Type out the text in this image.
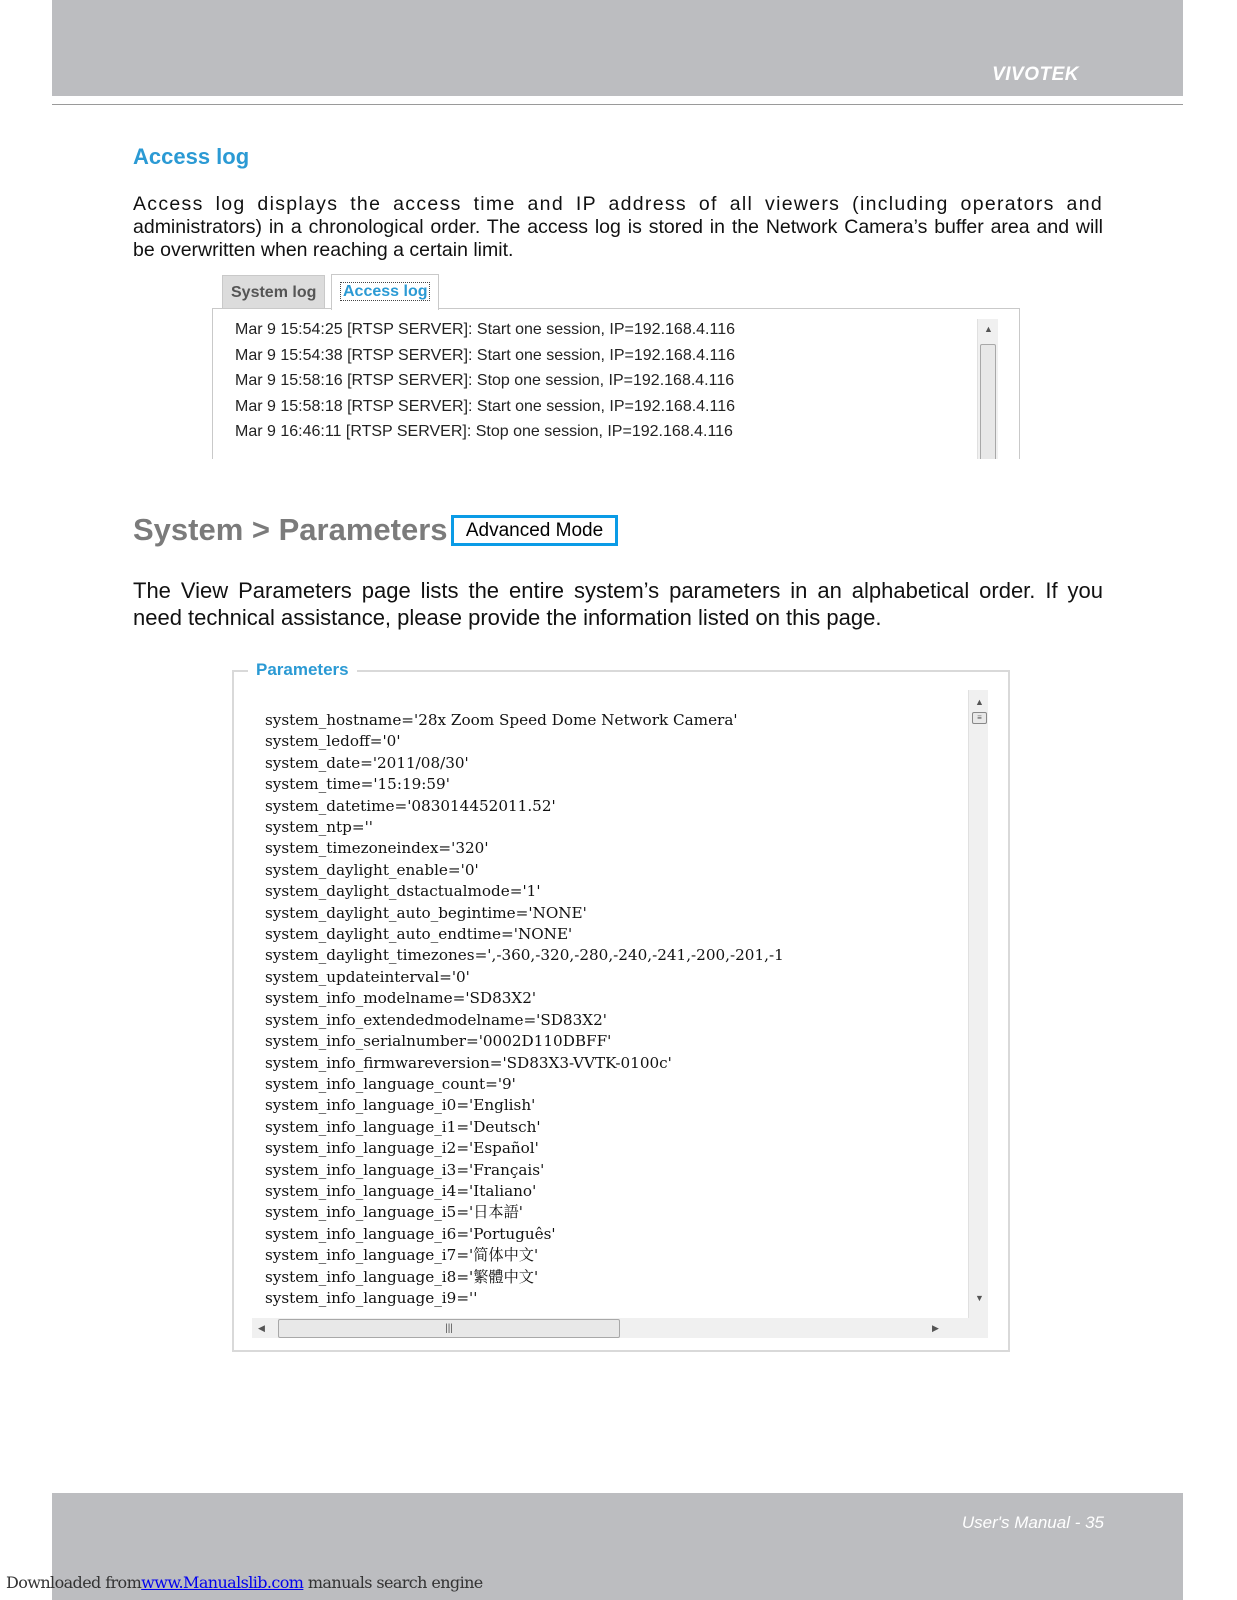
VIVOTEK
Access log
Access log displays the access time and IP address of all viewers (including operators and administrators) in a chronological order. The access log is stored in the Network Camera’s buffer area and will be overwritten when reaching a certain limit.
System log	Access log
Mar 9 15:54:25 [RTSP SERVER]: Start one session, IP=192.168.4.116
Mar 9 15:54:38 [RTSP SERVER]: Start one session, IP=192.168.4.116
Mar 9 15:58:16 [RTSP SERVER]: Stop one session, IP=192.168.4.116
Mar 9 15:58:18 [RTSP SERVER]: Start one session, IP=192.168.4.116
Mar 9 16:46:11 [RTSP SERVER]: Stop one session, IP=192.168.4.116
▲
System > Parameters Advanced Mode
The View Parameters page lists the entire system’s parameters in an alphabetical order. If you need technical assistance, please provide the information listed on this page.
Parameters
system_hostname='28x Zoom Speed Dome Network Camera'
system_ledoff='0'
system_date='2011/08/30'
system_time='15:19:59'
system_datetime='083014452011.52'
system_ntp=''
system_timezoneindex='320'
system_daylight_enable='0'
system_daylight_dstactualmode='1'
system_daylight_auto_begintime='NONE'
system_daylight_auto_endtime='NONE'
system_daylight_timezones=',-360,-320,-280,-240,-241,-200,-201,-1
system_updateinterval='0'
system_info_modelname='SD83X2'
system_info_extendedmodelname='SD83X2'
system_info_serialnumber='0002D110DBFF'
system_info_firmwareversion='SD83X3-VVTK-0100c'
system_info_language_count='9'
system_info_language_i0='English'
system_info_language_i1='Deutsch'
system_info_language_i2='Español'
system_info_language_i3='Français'
system_info_language_i4='Italiano'
system_info_language_i5='日本語'
system_info_language_i6='Português'
system_info_language_i7='简体中文'
system_info_language_i8='繁體中文'
system_info_language_i9=''
▲
≡
▼
◀	|||	▶
User's Manual - 35
Downloaded fromwww.Manualslib.com manuals search engine
